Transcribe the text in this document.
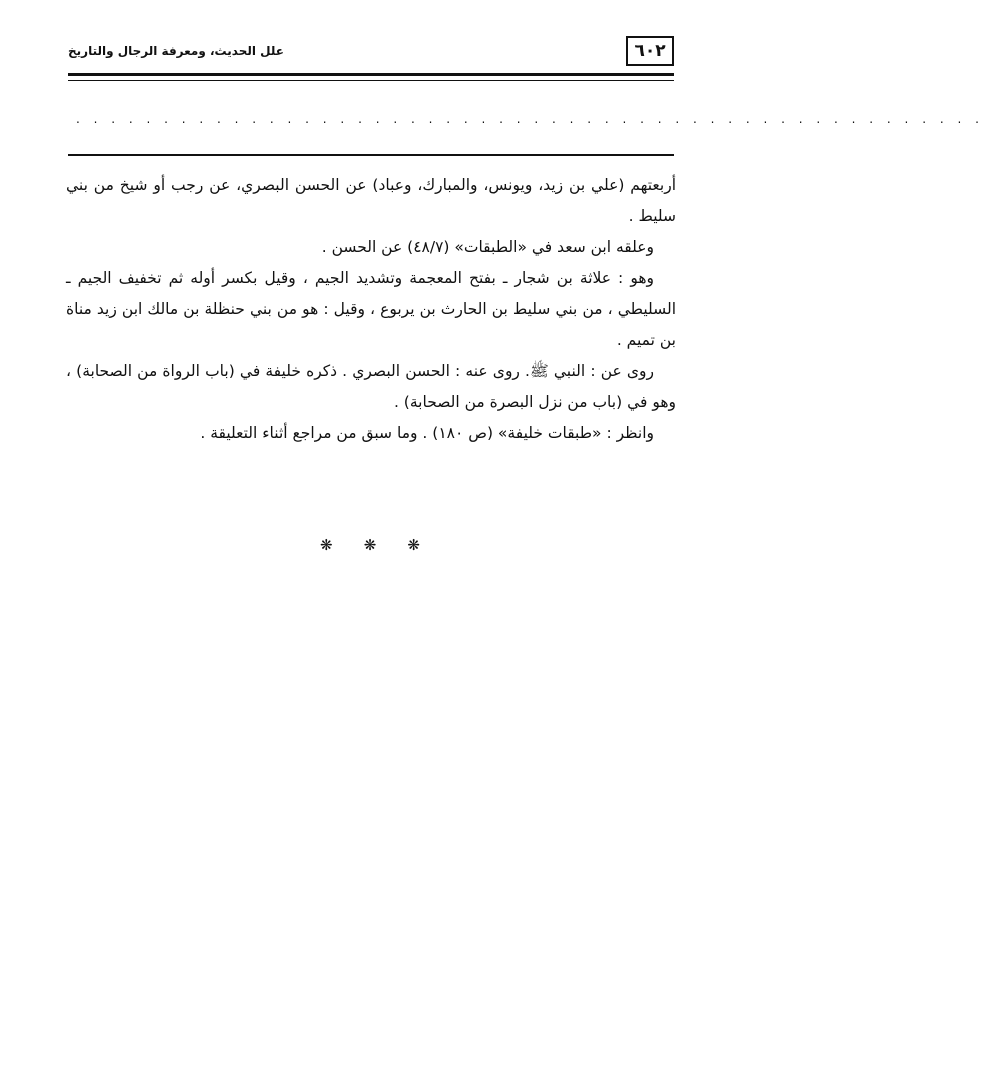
٦٠٢
علل الحديث، ومعرفة الرجال والتاريخ
. . . . . . . . . . . . . . . . . . . . . . . . . . . . . . . . . . . . . . . . . . . . . . . . . . . .

أربعتهم (علي بن زيد، ويونس، والمبارك، وعباد) عن الحسن البصري، عن رجب أو شيخ من بني سليط .

وعلقه ابن سعد في «الطبقات» (٤٨/٧) عن الحسن .

وهو : علاثة بن شجار ـ بفتح المعجمة وتشديد الجيم ، وقيل بكسر أوله ثم تخفيف الجيم ـ السليطي ، من بني سليط بن الحارث بن يربوع ، وقيل : هو من بني حنظلة بن مالك ابن زيد مناة بن تميم .

روى عن : النبي ﷺ. روى عنه : الحسن البصري . ذكره خليفة في (باب الرواة من الصحابة) ، وهو في (باب من نزل البصرة من الصحابة) .

وانظر : «طبقات خليفة» (ص ١٨٠) . وما سبق من مراجع أثناء التعليقة .

❋ ❋ ❋
